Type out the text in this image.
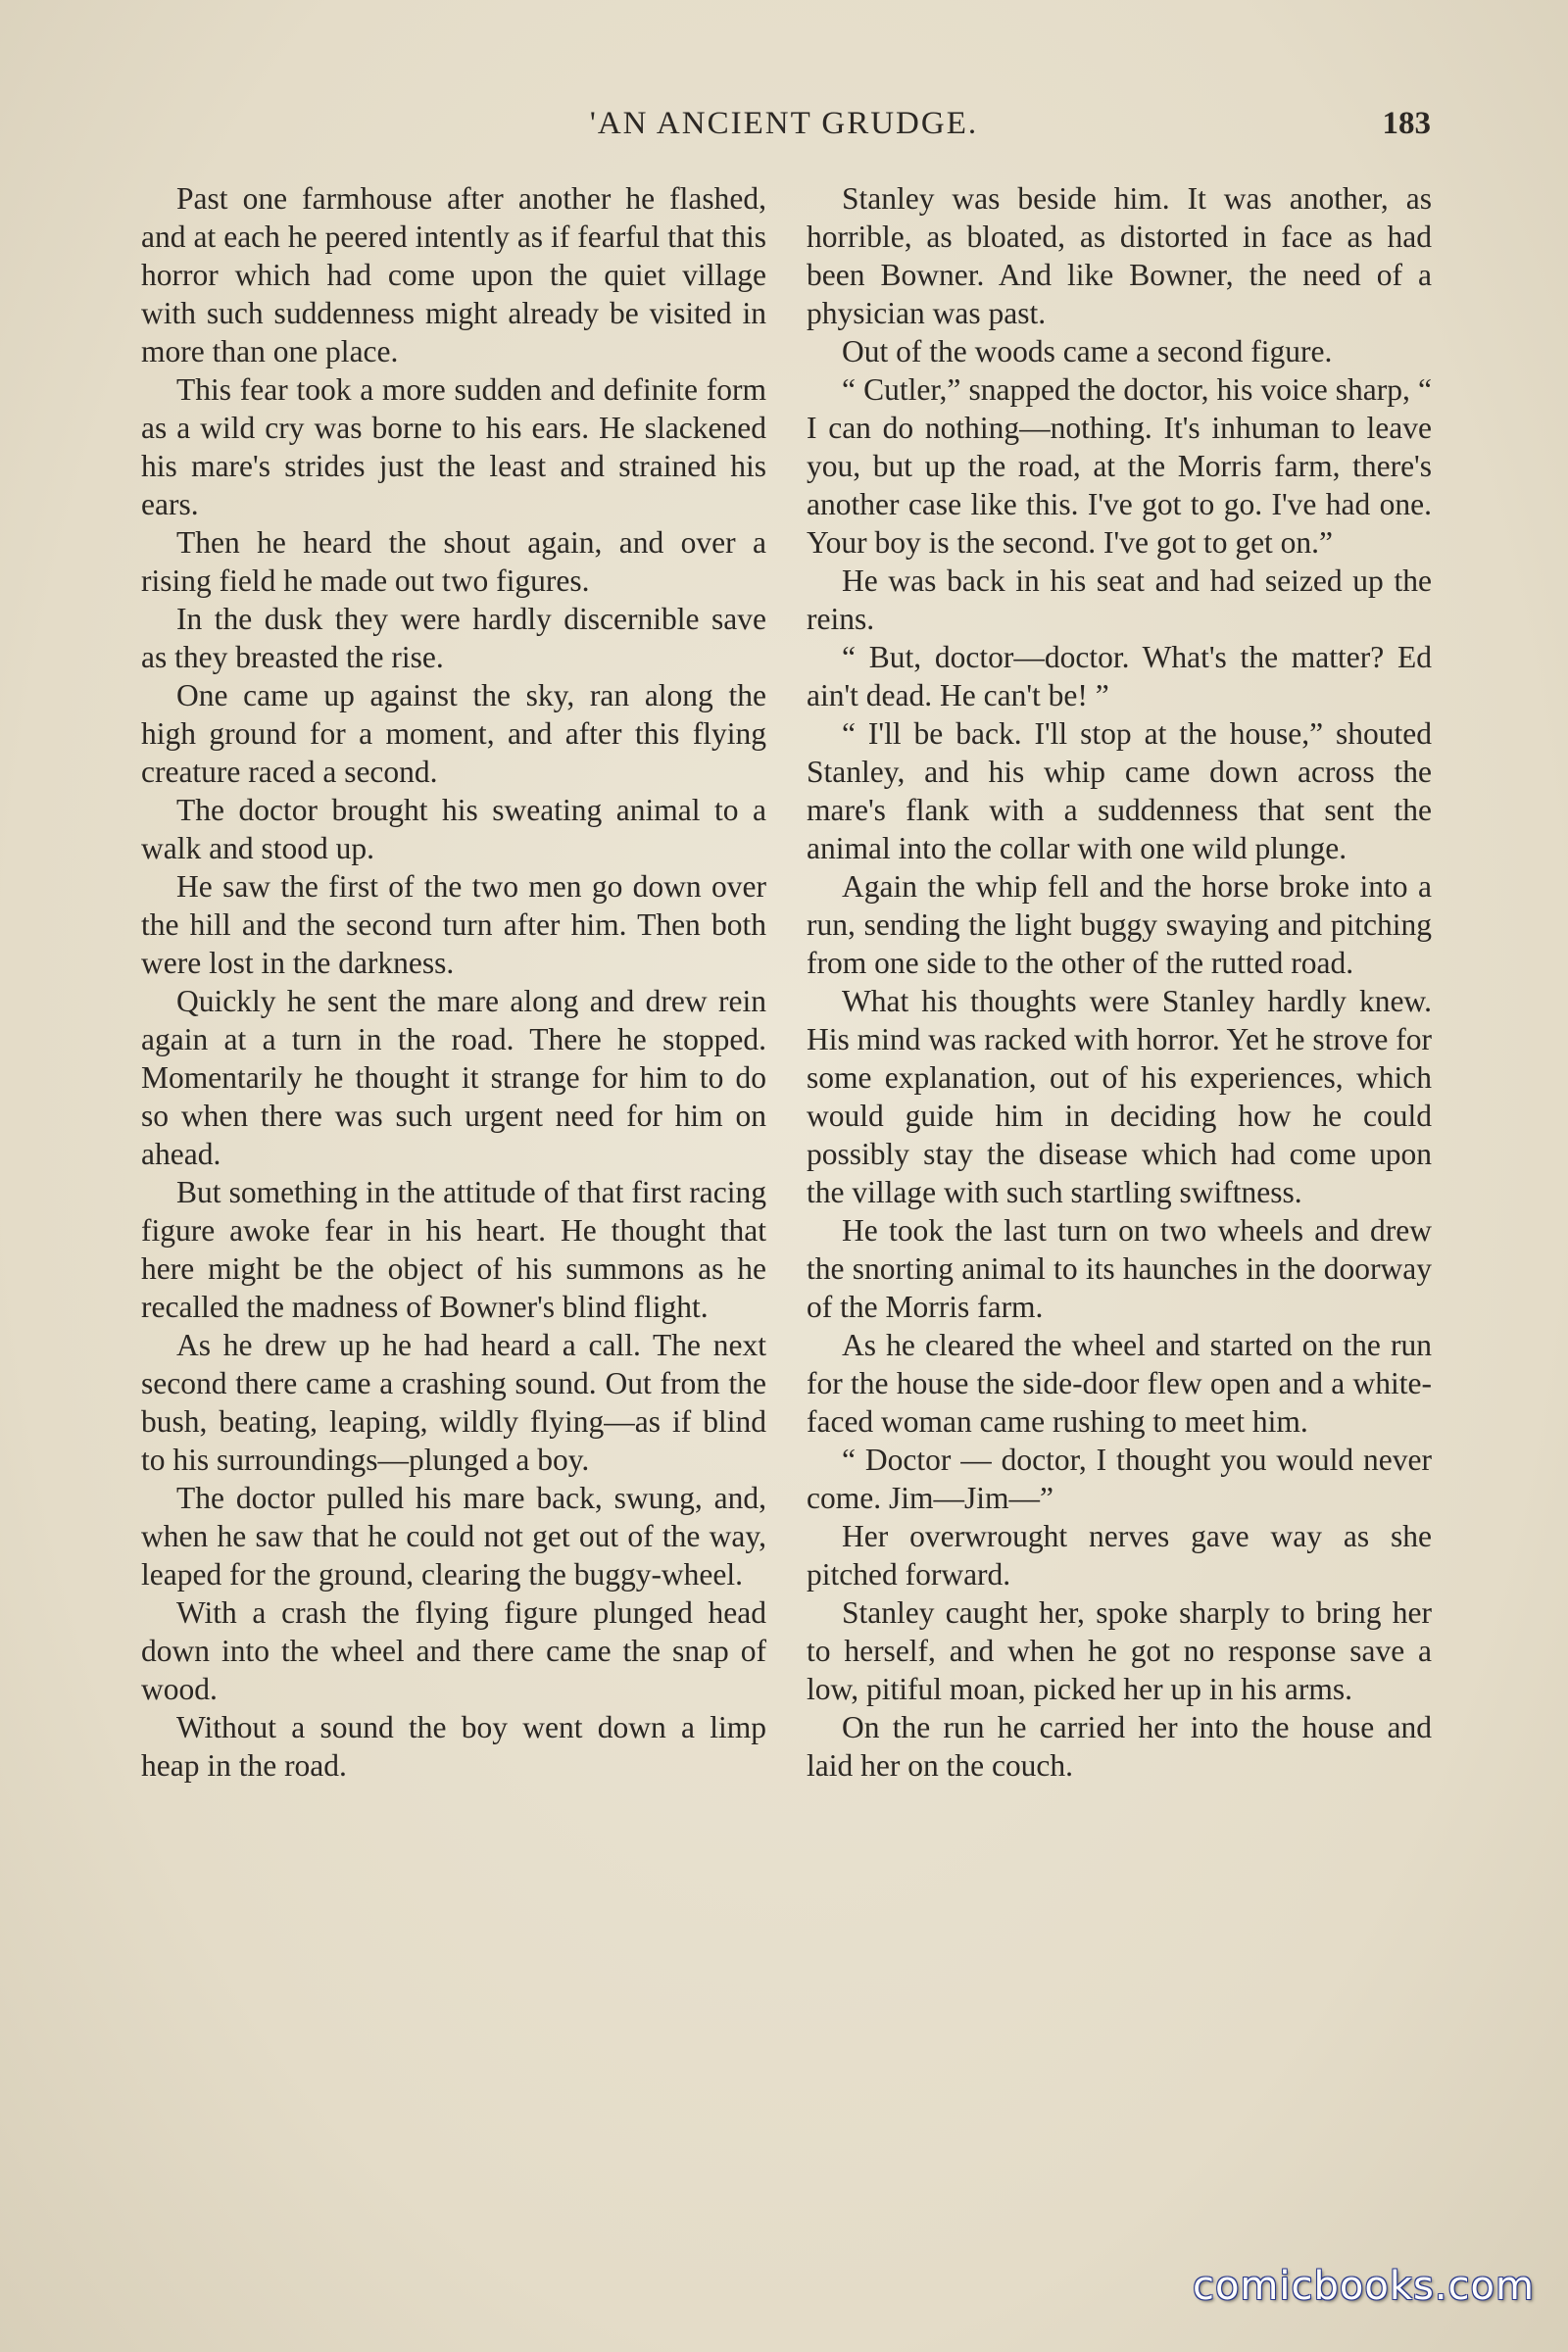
'AN ANCIENT GRUDGE.	183

Past one farmhouse after another he flashed, and at each he peered intently as if fearful that this horror which had come upon the quiet village with such suddenness might already be visited in more than one place.

This fear took a more sudden and definite form as a wild cry was borne to his ears. He slackened his mare's strides just the least and strained his ears.

Then he heard the shout again, and over a rising field he made out two figures.

In the dusk they were hardly discernible save as they breasted the rise.

One came up against the sky, ran along the high ground for a moment, and after this flying creature raced a second.

The doctor brought his sweating animal to a walk and stood up.

He saw the first of the two men go down over the hill and the second turn after him. Then both were lost in the darkness.

Quickly he sent the mare along and drew rein again at a turn in the road. There he stopped. Momentarily he thought it strange for him to do so when there was such urgent need for him on ahead.

But something in the attitude of that first racing figure awoke fear in his heart. He thought that here might be the object of his summons as he recalled the madness of Bowner's blind flight.

As he drew up he had heard a call. The next second there came a crashing sound. Out from the bush, beating, leaping, wildly flying—as if blind to his surroundings—plunged a boy.

The doctor pulled his mare back, swung, and, when he saw that he could not get out of the way, leaped for the ground, clearing the buggy-wheel.

With a crash the flying figure plunged head down into the wheel and there came the snap of wood.

Without a sound the boy went down a limp heap in the road.

Stanley was beside him. It was another, as horrible, as bloated, as distorted in face as had been Bowner. And like Bowner, the need of a physician was past.

Out of the woods came a second figure.

“ Cutler,” snapped the doctor, his voice sharp, “ I can do nothing—nothing. It's inhuman to leave you, but up the road, at the Morris farm, there's another case like this. I've got to go. I've had one. Your boy is the second. I've got to get on.”

He was back in his seat and had seized up the reins.

“ But, doctor—doctor. What's the matter? Ed ain't dead. He can't be! ”

“ I'll be back. I'll stop at the house,” shouted Stanley, and his whip came down across the mare's flank with a suddenness that sent the animal into the collar with one wild plunge.

Again the whip fell and the horse broke into a run, sending the light buggy swaying and pitching from one side to the other of the rutted road.

What his thoughts were Stanley hardly knew. His mind was racked with horror. Yet he strove for some explanation, out of his experiences, which would guide him in deciding how he could possibly stay the disease which had come upon the village with such startling swiftness.

He took the last turn on two wheels and drew the snorting animal to its haunches in the doorway of the Morris farm.

As he cleared the wheel and started on the run for the house the side-door flew open and a white-faced woman came rushing to meet him.

“ Doctor — doctor, I thought you would never come. Jim—Jim—”

Her overwrought nerves gave way as she pitched forward.

Stanley caught her, spoke sharply to bring her to herself, and when he got no response save a low, pitiful moan, picked her up in his arms.

On the run he carried her into the house and laid her on the couch.

comicbooks.com
